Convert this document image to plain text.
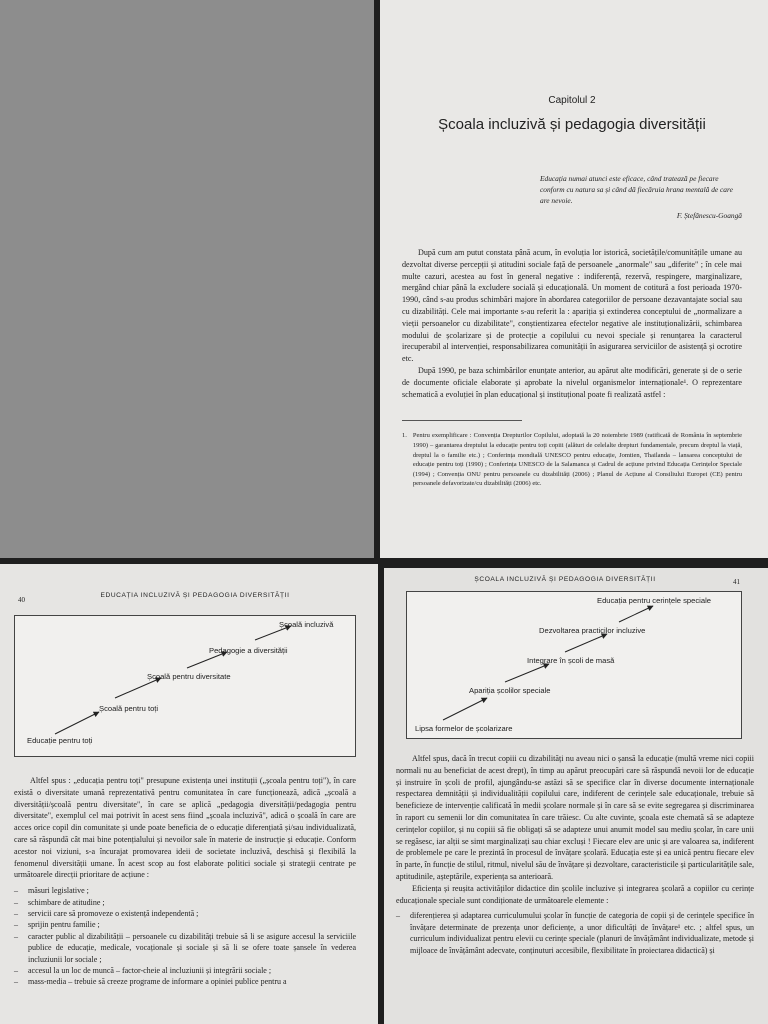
Capitolul 2
Școala incluzivă și pedagogia diversității
Educația numai atunci este eficace, când tratează pe fiecare conform cu natura sa și când dă fiecăruia hrana mentală de care are nevoie.
F. Ștefănescu-Goangă

După cum am putut constata până acum, în evoluția lor istorică, societățile/comunitățile umane au dezvoltat diverse percepții și atitudini sociale față de persoanele „anormale" sau „diferite" ; în cele mai multe cazuri, acestea au fost în general negative : indiferență, rezervă, respingere, marginalizare, mergând chiar până la excludere socială și educațională. Un moment de cotitură a fost perioada 1970-1990, când s-au produs schimbări majore în abordarea categoriilor de persoane dezavantajate social sau cu dizabilități. Cele mai importante s-au referit la : apariția și extinderea conceptului de „normalizare a vieții persoanelor cu dizabilitate", conștientizarea efectelor negative ale instituționalizării, schimbarea modului de școlarizare și de protecție a copilului cu nevoi speciale și renunțarea la caracterul irecuperabil al intervenției, responsabilizarea comunității în asigurarea serviciilor de asistență și ocrotire etc.

După 1990, pe baza schimbărilor enunțate anterior, au apărut alte modificări, generate și de o serie de documente oficiale elaborate și aprobate la nivelul organismelor internaționale¹. O reprezentare schematică a evoluției în plan educațional și instituțional poate fi realizată astfel :

1. Pentru exemplificare : Convenția Drepturilor Copilului, adoptată la 20 noiembrie 1989 (ratificată de România în septembrie 1990) – garantarea dreptului la educație pentru toți copiii (alături de celelalte drepturi fundamentale, precum dreptul la viață, dreptul la o familie etc.) ; Conferința mondială UNESCO pentru educație, Jomtien, Thailanda – lansarea conceptului de educație pentru toți (1990) ; Conferința UNESCO de la Salamanca și Cadrul de acțiune privind Educația Cerințelor Speciale (1994) ; Convenția ONU pentru persoanele cu dizabilități (2006) ; Planul de Acțiune al Consiliului Europei (CE) pentru persoanele defavorizate/cu dizabilități (2006) etc.
40
EDUCAȚIA INCLUZIVĂ ȘI PEDAGOGIA DIVERSITĂȚII
Educație pentru toți
Școală pentru toți
Școală pentru diversitate
Pedagogie a diversității
Școală incluzivă

Altfel spus : „educația pentru toți" presupune existența unei instituții („școala pentru toți"), în care există o diversitate umană reprezentativă pentru comunitatea în care funcționează, adică „școală a diversității/școală pentru diversitate", în care se aplică „pedagogia diversității/pedagogia pentru diversitate", exemplul cel mai potrivit în acest sens fiind „școala incluzivă", adică o școală în care are acces orice copil din comunitate și unde poate beneficia de o educație diferențiată și/sau individualizată, care să răspundă cât mai bine potențialului și nevoilor sale în materie de instrucție și educație. Conform acestor noi viziuni, s-a încurajat promovarea ideii de societate incluzivă, deschisă și flexibilă la fenomenul diversității umane. În acest scop au fost elaborate politici sociale și strategii centrate pe următoarele direcții prioritare de acțiune :

– măsuri legislative ;
– schimbare de atitudine ;
– servicii care să promoveze o existență independentă ;
– sprijin pentru familie ;
– caracter public al dizabilității – persoanele cu dizabilități trebuie să li se asigure accesul la serviciile publice de educație, medicale, vocaționale și sociale și să li se ofere toate șansele în vederea incluziunii lor sociale ;
– accesul la un loc de muncă – factor-cheie al incluziunii și integrării sociale ;
– mass-media – trebuie să creeze programe de informare a opiniei publice pentru a
41
ȘCOALA INCLUZIVĂ ȘI PEDAGOGIA DIVERSITĂȚII
Lipsa formelor de școlarizare
Apariția școlilor speciale
Integrare în școli de masă
Dezvoltarea practicilor incluzive
Educația pentru cerințele speciale

Altfel spus, dacă în trecut copiii cu dizabilități nu aveau nici o șansă la educație (multă vreme nici copiii normali nu au beneficiat de acest drept), în timp au apărut preocupări care să răspundă nevoii lor de educație și instruire în școli de profil, ajungându-se astăzi să se specifice clar în diverse documente internaționale respectarea demnității și individualității copilului care, indiferent de cerințele sale educaționale, trebuie să beneficieze de intervenție calificată în medii școlare normale și în care să se evite segregarea și discriminarea în raport cu semenii lor din comunitatea în care trăiesc. Cu alte cuvinte, școala este chemată să se adapteze cerințelor copiilor, și nu copiii să fie obligați să se adapteze unui anumit model sau mediu școlar, în care unii se regăsesc, iar alții se simt marginalizați sau chiar excluși ! Fiecare elev are unic și are valoarea sa, indiferent de problemele pe care le prezintă în procesul de învățare școlară. Educația este și ea unică pentru fiecare elev în parte, în funcție de stilul, ritmul, nivelul său de învățare și dezvoltare, caracteristicile și particularitățile sale, aptitudinile, așteptările, experiența sa anterioară.

Eficiența și reușita activităților didactice din școlile incluzive și integrarea școlară a copiilor cu cerințe educaționale speciale sunt condiționate de următoarele elemente :

– diferențierea și adaptarea curriculumului școlar în funcție de categoria de copii și de cerințele specifice în învățare determinate de prezența unor deficiențe, a unor dificultăți de învățare¹ etc. ; altfel spus, un curriculum individualizat pentru elevii cu cerințe speciale (planuri de învățământ individualizate, metode și mijloace de învățământ adecvate, conținuturi accesibile, flexibilitate în proiectarea didactică) și
